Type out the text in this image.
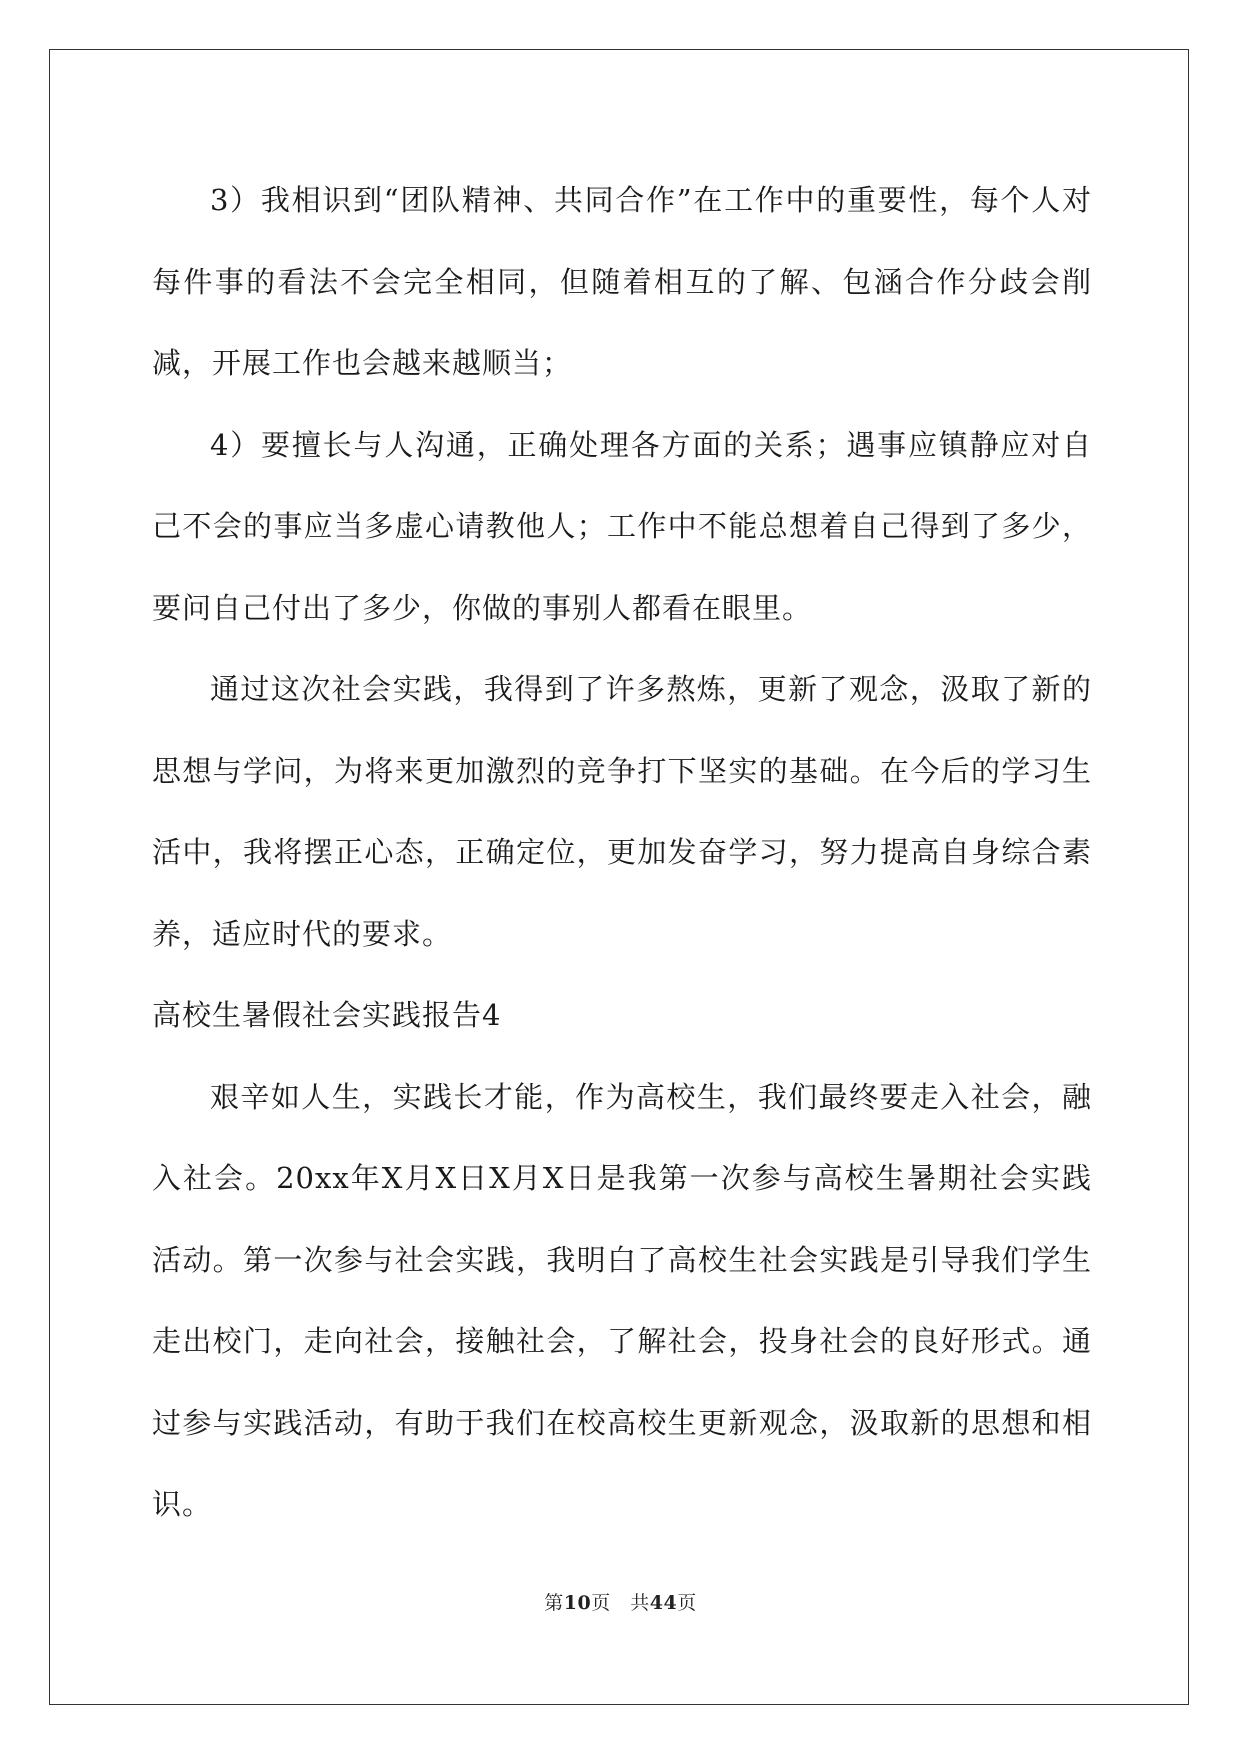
3）我相识到“团队精神、共同合作”在工作中的重要性，每个人对每件事的看法不会完全相同，但随着相互的了解、包涵合作分歧会削减，开展工作也会越来越顺当；

4）要擅长与人沟通，正确处理各方面的关系；遇事应镇静应对自己不会的事应当多虚心请教他人；工作中不能总想着自己得到了多少，要问自己付出了多少，你做的事别人都看在眼里。

通过这次社会实践，我得到了许多熬炼，更新了观念，汲取了新的思想与学问，为将来更加激烈的竞争打下坚实的基础。在今后的学习生活中，我将摆正心态，正确定位，更加发奋学习，努力提高自身综合素养，适应时代的要求。

高校生暑假社会实践报告4

艰辛如人生，实践长才能，作为高校生，我们最终要走入社会，融入社会。20xx年X月X日X月X日是我第一次参与高校生暑期社会实践活动。第一次参与社会实践，我明白了高校生社会实践是引导我们学生走出校门，走向社会，接触社会，了解社会，投身社会的良好形式。通过参与实践活动，有助于我们在校高校生更新观念，汲取新的思想和相识。

第10页　共44页
